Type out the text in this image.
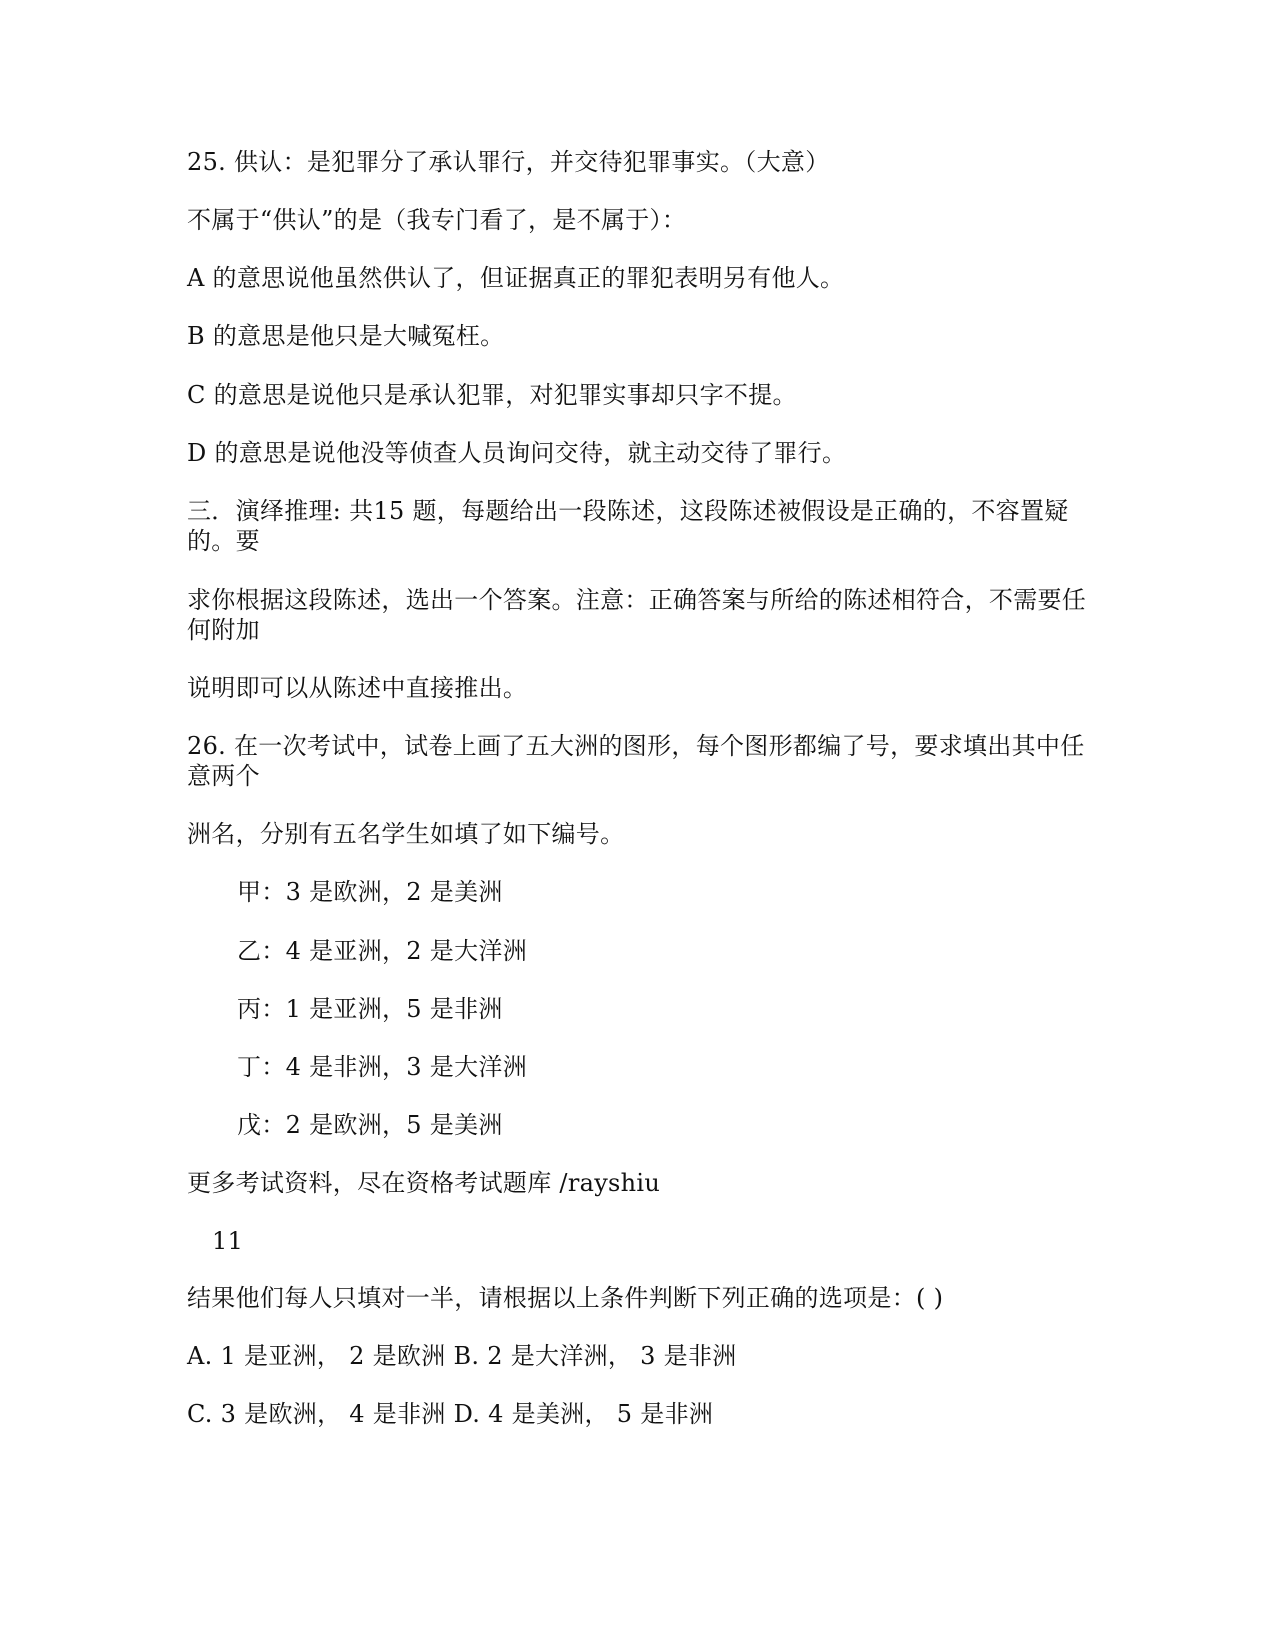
25. 供认：是犯罪分了承认罪行，并交待犯罪事实。（大意）
不属于“供认”的是（我专门看了，是不属于）：
A 的意思说他虽然供认了，但证据真正的罪犯表明另有他人。
B 的意思是他只是大喊冤枉。
C 的意思是说他只是承认犯罪，对犯罪实事却只字不提。
D 的意思是说他没等侦查人员询问交待，就主动交待了罪行。
三．演绎推理: 共15 题，每题给出一段陈述，这段陈述被假设是正确的，不容置疑的。要
求你根据这段陈述，选出一个答案。注意：正确答案与所给的陈述相符合，不需要任何附加
说明即可以从陈述中直接推出。
26. 在一次考试中，试卷上画了五大洲的图形，每个图形都编了号，要求填出其中任意两个
洲名，分别有五名学生如填了如下编号。
甲：3 是欧洲，2 是美洲
乙：4 是亚洲，2 是大洋洲
丙：1 是亚洲，5 是非洲
丁：4 是非洲，3 是大洋洲
戊：2 是欧洲，5 是美洲
更多考试资料，尽在资格考试题库 /rayshiu
11
结果他们每人只填对一半，请根据以上条件判断下列正确的选项是：( )
A. 1 是亚洲， 2 是欧洲 B. 2 是大洋洲， 3 是非洲
C. 3 是欧洲， 4 是非洲 D. 4 是美洲， 5 是非洲
